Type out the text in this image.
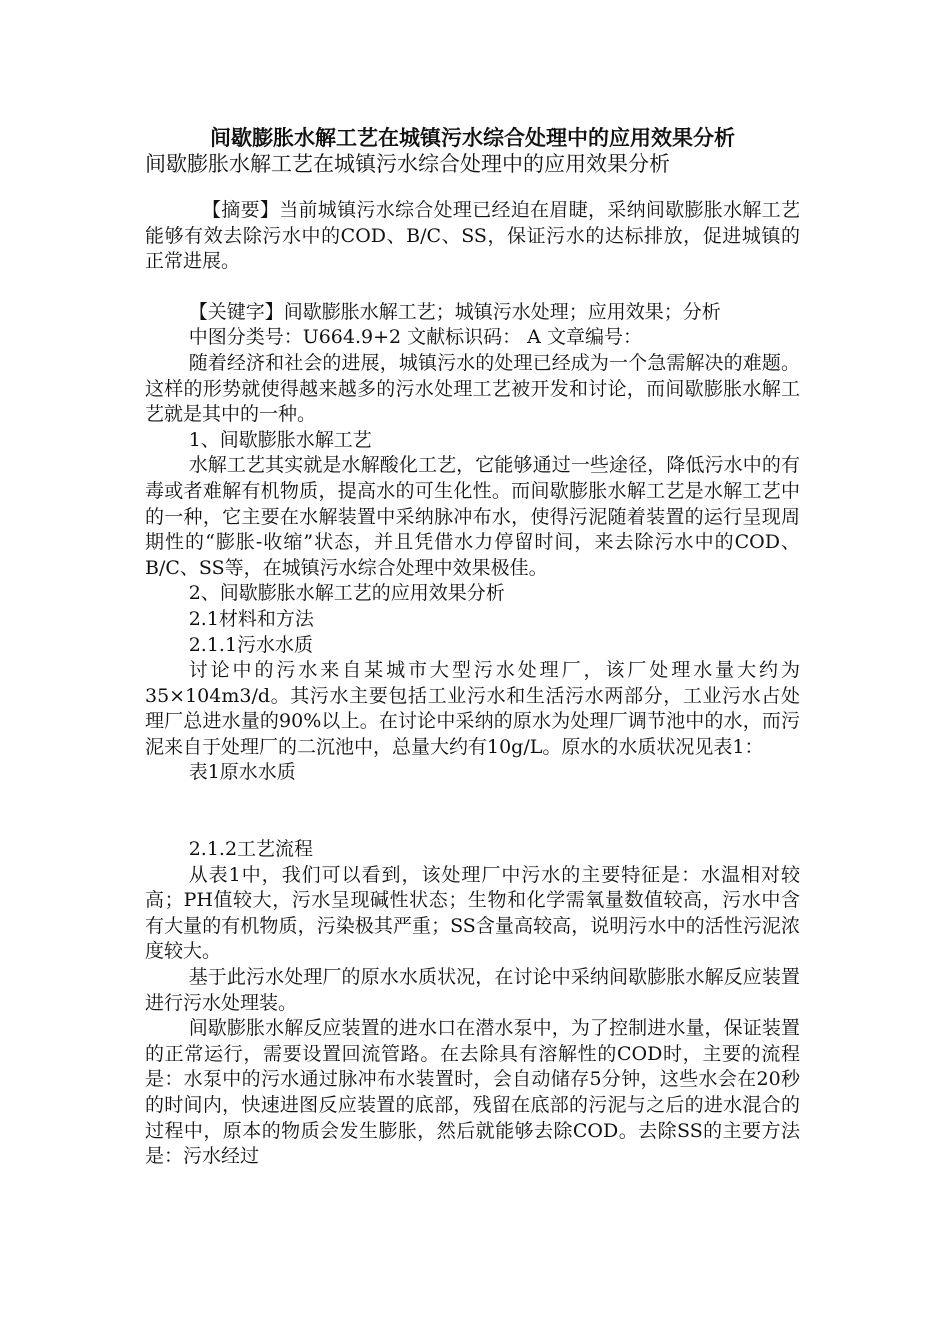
间歇膨胀水解工艺在城镇污水综合处理中的应用效果分析
间歇膨胀水解工艺在城镇污水综合处理中的应用效果分析

【摘要】当前城镇污水综合处理已经迫在眉睫，采纳间歇膨胀水解工艺能够有效去除污水中的COD、B/C、SS，保证污水的达标排放，促进城镇的正常进展。

【关键字】间歇膨胀水解工艺；城镇污水处理；应用效果；分析

中图分类号：U664.9+2 文献标识码： A 文章编号：

随着经济和社会的进展，城镇污水的处理已经成为一个急需解决的难题。这样的形势就使得越来越多的污水处理工艺被开发和讨论，而间歇膨胀水解工艺就是其中的一种。

1、间歇膨胀水解工艺

水解工艺其实就是水解酸化工艺，它能够通过一些途径，降低污水中的有毒或者难解有机物质，提高水的可生化性。而间歇膨胀水解工艺是水解工艺中的一种，它主要在水解装置中采纳脉冲布水，使得污泥随着装置的运行呈现周期性的“膨胀-收缩”状态，并且凭借水力停留时间，来去除污水中的COD、B/C、SS等，在城镇污水综合处理中效果极佳。

2、间歇膨胀水解工艺的应用效果分析

2.1材料和方法

2.1.1污水水质

讨论中的污水来自某城市大型污水处理厂，该厂处理水量大约为35×104m3/d。其污水主要包括工业污水和生活污水两部分，工业污水占处理厂总进水量的90%以上。在讨论中采纳的原水为处理厂调节池中的水，而污泥来自于处理厂的二沉池中，总量大约有10g/L。原水的水质状况见表1：

表1原水水质

2.1.2工艺流程

从表1中，我们可以看到，该处理厂中污水的主要特征是：水温相对较高；PH值较大，污水呈现碱性状态；生物和化学需氧量数值较高，污水中含有大量的有机物质，污染极其严重；SS含量高较高，说明污水中的活性污泥浓度较大。

基于此污水处理厂的原水水质状况，在讨论中采纳间歇膨胀水解反应装置进行污水处理装。

间歇膨胀水解反应装置的进水口在潜水泵中，为了控制进水量，保证装置的正常运行，需要设置回流管路。在去除具有溶解性的COD时，主要的流程是：水泵中的污水通过脉冲布水装置时，会自动储存5分钟，这些水会在20秒的时间内，快速进图反应装置的底部，残留在底部的污泥与之后的进水混合的过程中，原本的物质会发生膨胀，然后就能够去除COD。去除SS的主要方法是：污水经过
